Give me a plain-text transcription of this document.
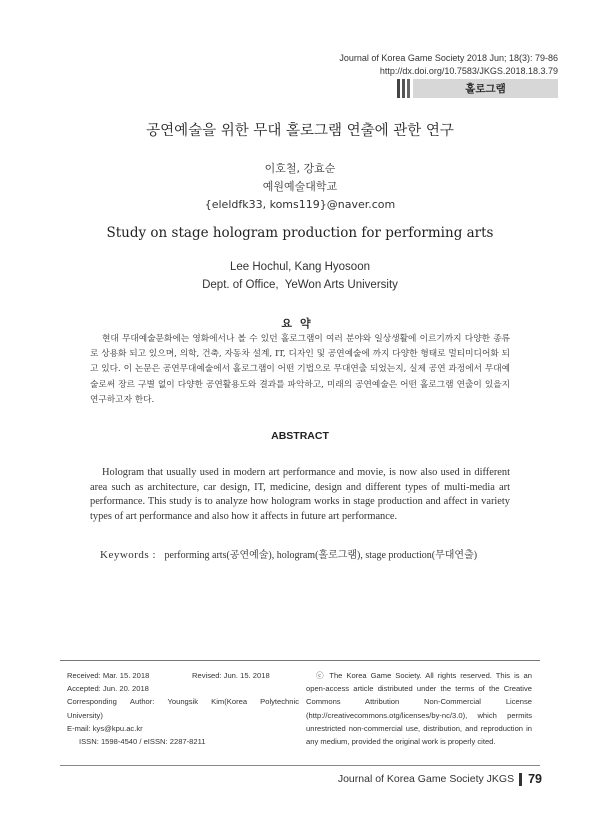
Journal of Korea Game Society 2018 Jun; 18(3): 79-86
http://dx.doi.org/10.7583/JKGS.2018.18.3.79
홀로그램
공연예술을 위한 무대 홀로그램 연출에 관한 연구
이호철, 강효순
예원예술대학교
{eleldfk33, koms119}@naver.com
Study on stage hologram production for performing arts
Lee Hochul, Kang Hyosoon
Dept. of Office,  YeWon Arts University
요약
현대 무대예술문화에는 영화에서나 볼 수 있던 홀로그램이 여러 분야와 일상생활에 이르기까지 다양한 종류로 상용화 되고 있으며, 의학, 건축, 자동차 설계, IT, 디자인 및 공연예술에 까지 다양한 형태로 멀티미디어화 되고 있다. 이 논문은 공연무대예술에서 홀로그램이 어떤 기법으로 무대연출 되었는지, 실제 공연 과정에서 무대예술로써 장르 구별 없이 다양한 공연활용도와 결과를 파악하고, 미래의 공연예술은 어떤 홀로그램 연출이 있을지 연구하고자 한다.
ABSTRACT
Hologram that usually used in modern art performance and movie, is now also used in different area such as architecture, car design, IT, medicine, design and different types of multi-media art performance. This study is to analyze how hologram works in stage production and affect in variety types of art performance and also how it affects in future art performance.
Keywords : performing arts(공연예술), hologram(홀로그램), stage production(무대연출)
Received: Mar. 15. 2018	Revised: Jun. 15. 2018
Accepted: Jun. 20. 2018
Corresponding Author: Youngsik Kim(Korea Polytechnic
University)
E-mail: kys@kpu.ac.kr
ISSN: 1598-4540 / eISSN: 2287-8211
ⓒ The Korea Game Society. All rights reserved. This is an open-access article distributed under the terms of the Creative Commons Attribution Non-Commercial License (http://creativecommons.otg/licenses/by-nc/3.0), which permits unrestricted non-commercial use, distribution, and reproduction in any medium, provided the original work is properly cited.
Journal of Korea Game Society JKGS 79
